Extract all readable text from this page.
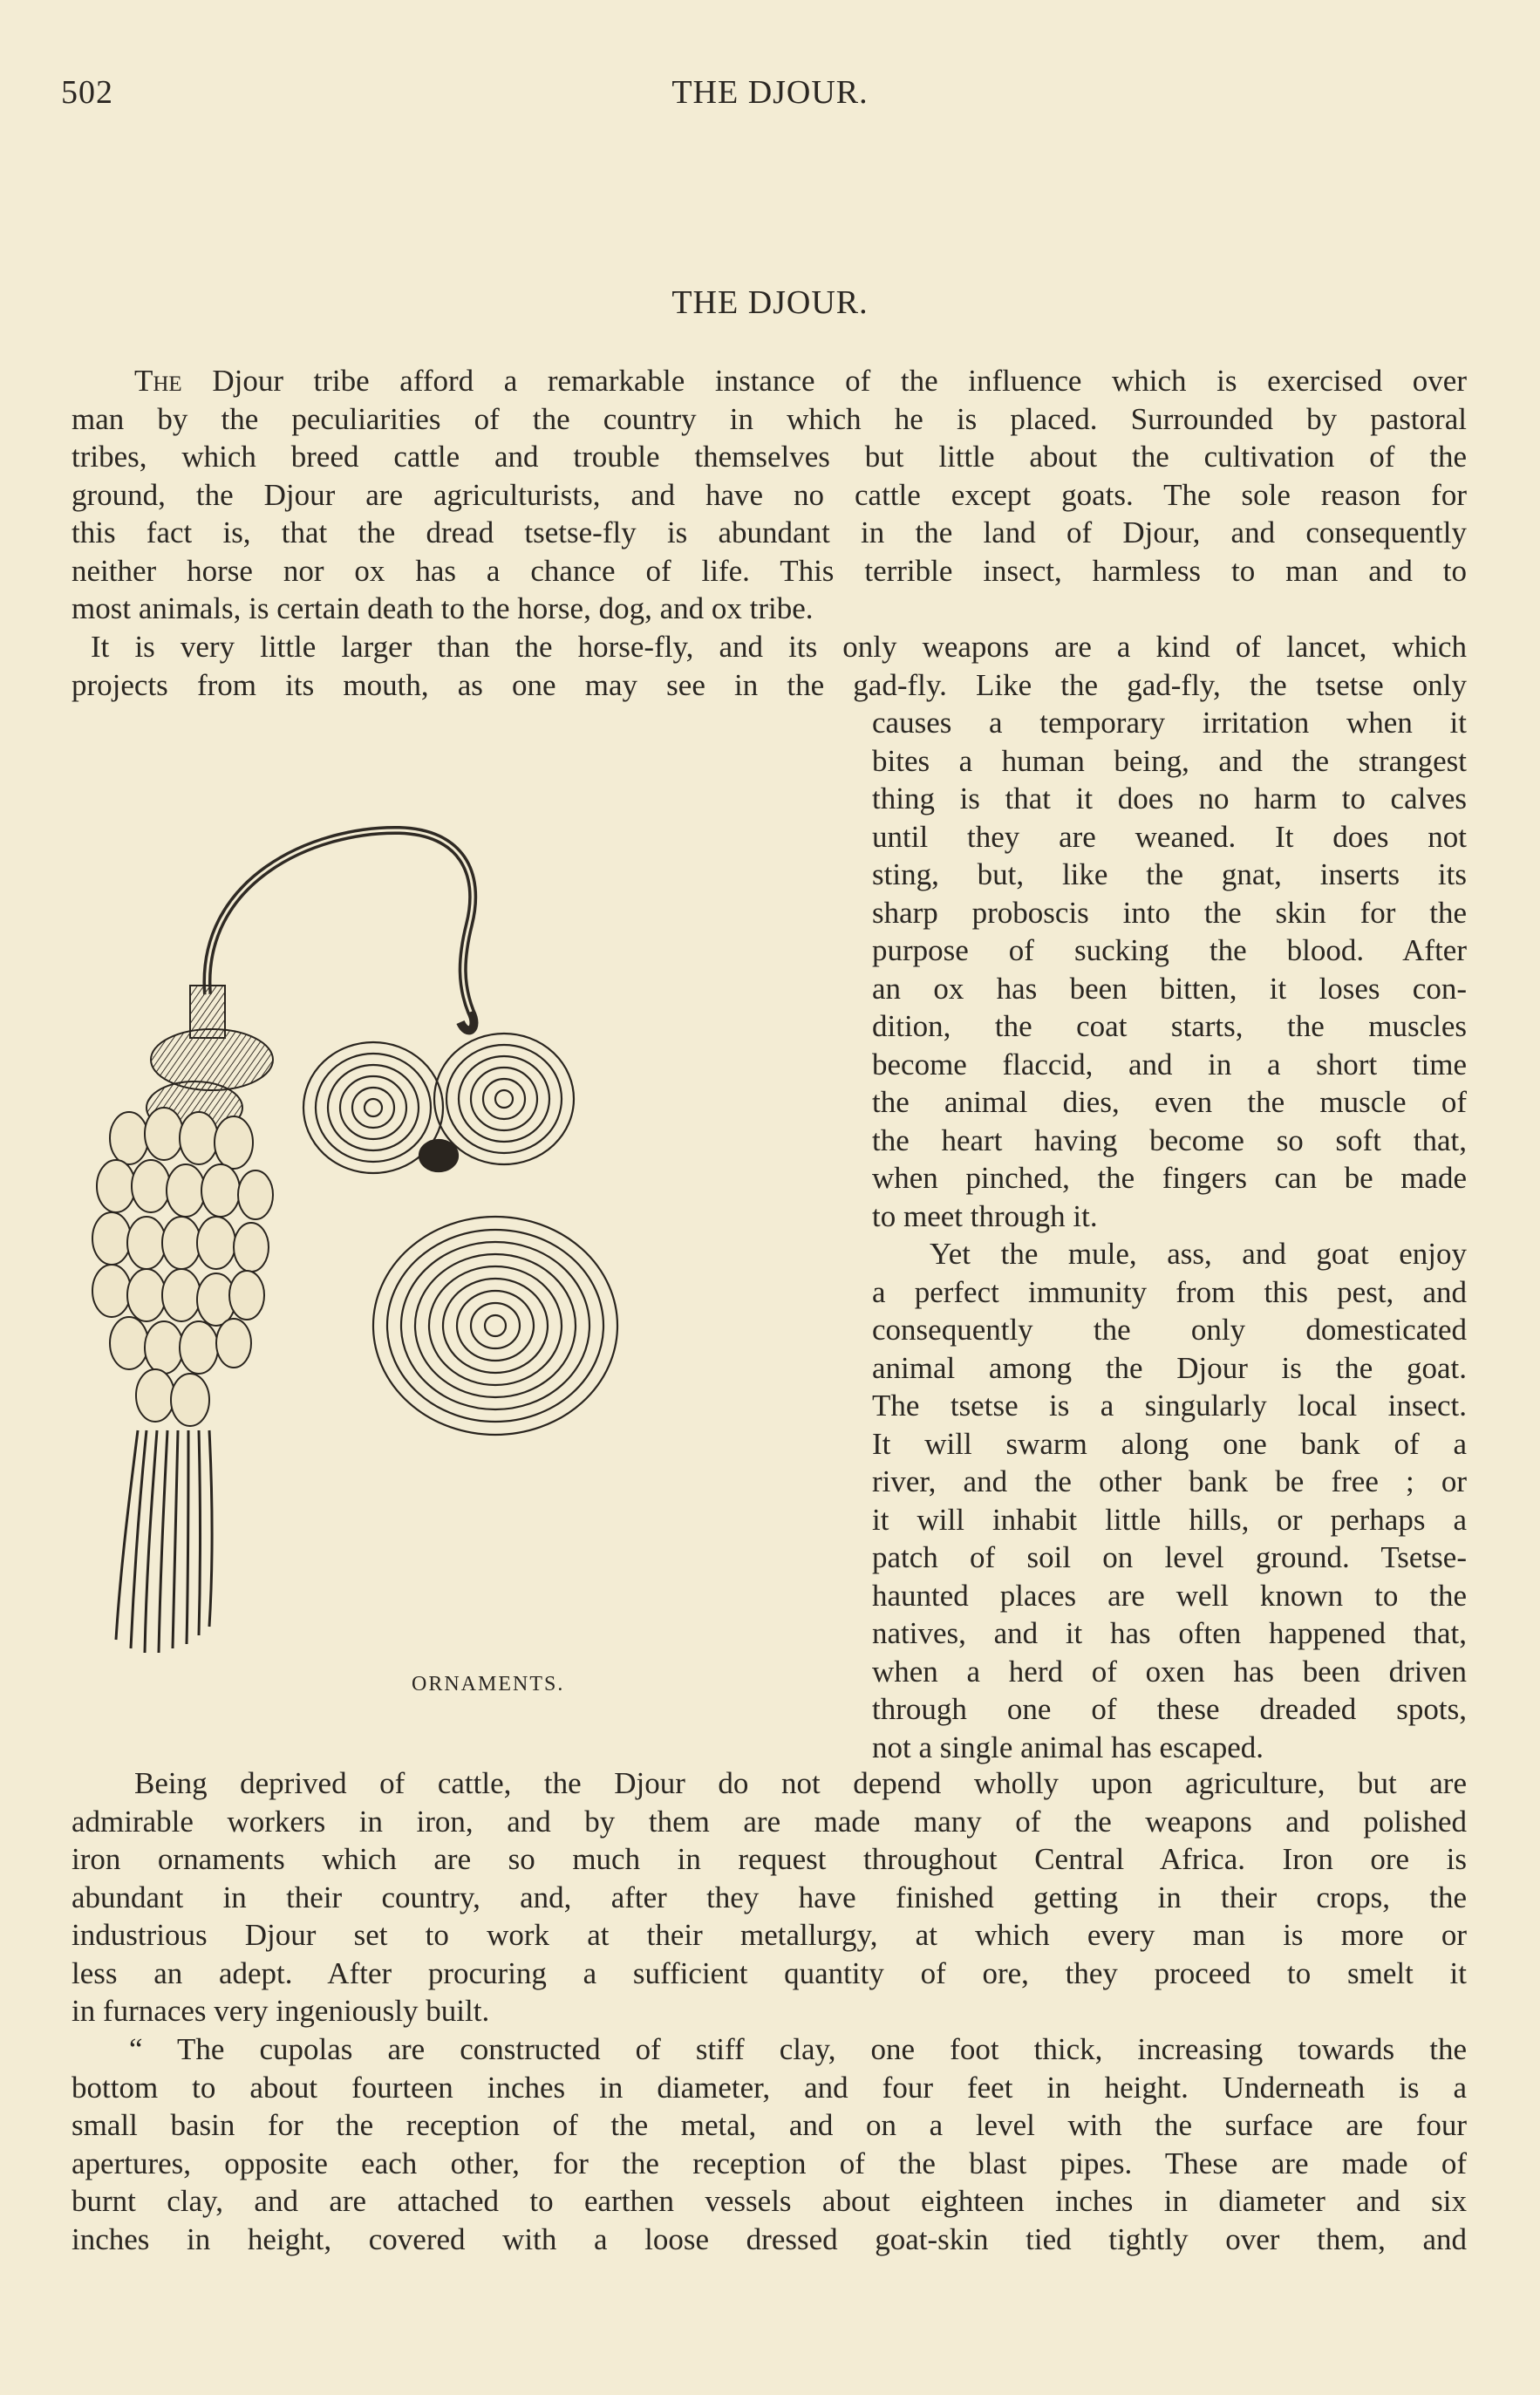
502	THE DJOUR.
THE DJOUR.
The Djour tribe afford a remarkable instance of the influence which is exercised over
man by the peculiarities of the country in which he is placed. Surrounded by pastoral
tribes, which breed cattle and trouble themselves but little about the cultivation of the
ground, the Djour are agriculturists, and have no cattle except goats. The sole reason for
this fact is, that the dread tsetse-fly is abundant in the land of Djour, and consequently
neither horse nor ox has a chance of life. This terrible insect, harmless to man and to
most animals, is certain death to the horse, dog, and ox tribe.
It is very little larger than the horse-fly, and its only weapons are a kind of lancet, which
projects from its mouth, as one may see in the gad-fly. Like the gad-fly, the tsetse only
causes a temporary irritation when it
bites a human being, and the strangest
thing is that it does no harm to calves
until they are weaned. It does not
sting, but, like the gnat, inserts its
sharp proboscis into the skin for the
purpose of sucking the blood. After
an ox has been bitten, it loses con-
dition, the coat starts, the muscles
become flaccid, and in a short time
the animal dies, even the muscle of
the heart having become so soft that,
when pinched, the fingers can be made
to meet through it.
Yet the mule, ass, and goat enjoy
a perfect immunity from this pest, and
consequently the only domesticated
animal among the Djour is the goat.
The tsetse is a singularly local insect.
It will swarm along one bank of a
river, and the other bank be free ; or
it will inhabit little hills, or perhaps a
patch of soil on level ground. Tsetse-
haunted places are well known to the
natives, and it has often happened that,
when a herd of oxen has been driven
through one of these dreaded spots,
not a single animal has escaped.
ORNAMENTS.
Being deprived of cattle, the Djour do not depend wholly upon agriculture, but are
admirable workers in iron, and by them are made many of the weapons and polished
iron ornaments which are so much in request throughout Central Africa. Iron ore is
abundant in their country, and, after they have finished getting in their crops, the
industrious Djour set to work at their metallurgy, at which every man is more or
less an adept. After procuring a sufficient quantity of ore, they proceed to smelt it
in furnaces very ingeniously built.
“ The cupolas are constructed of stiff clay, one foot thick, increasing towards the
bottom to about fourteen inches in diameter, and four feet in height. Underneath is a
small basin for the reception of the metal, and on a level with the surface are four
apertures, opposite each other, for the reception of the blast pipes. These are made of
burnt clay, and are attached to earthen vessels about eighteen inches in diameter and six
inches in height, covered with a loose dressed goat-skin tied tightly over them, and
